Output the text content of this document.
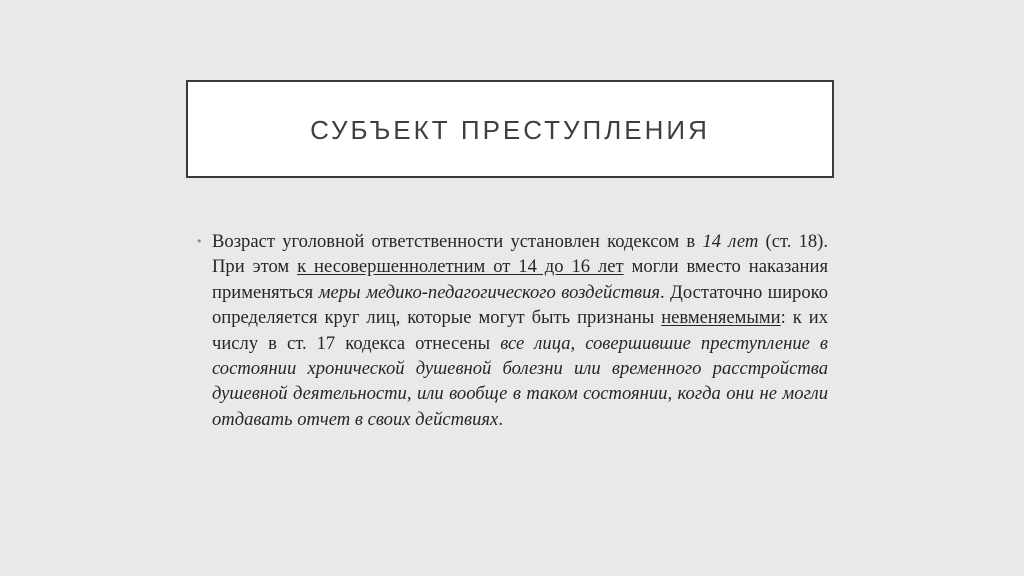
СУБЪЕКТ ПРЕСТУПЛЕНИЯ
• Возраст уголовной ответственности установлен кодексом в 14 лет (ст. 18). При этом к несовершеннолетним от 14 до 16 лет могли вместо наказания применяться меры медико-педагогического воздействия. Достаточно широко определяется круг лиц, которые могут быть признаны невменяемыми: к их числу в ст. 17 кодекса отнесены все лица, совершившие преступление в состоянии хронической душевной болезни или временного расстройства душевной деятельности, или вообще в таком состоянии, когда они не могли отдавать отчет в своих действиях.
